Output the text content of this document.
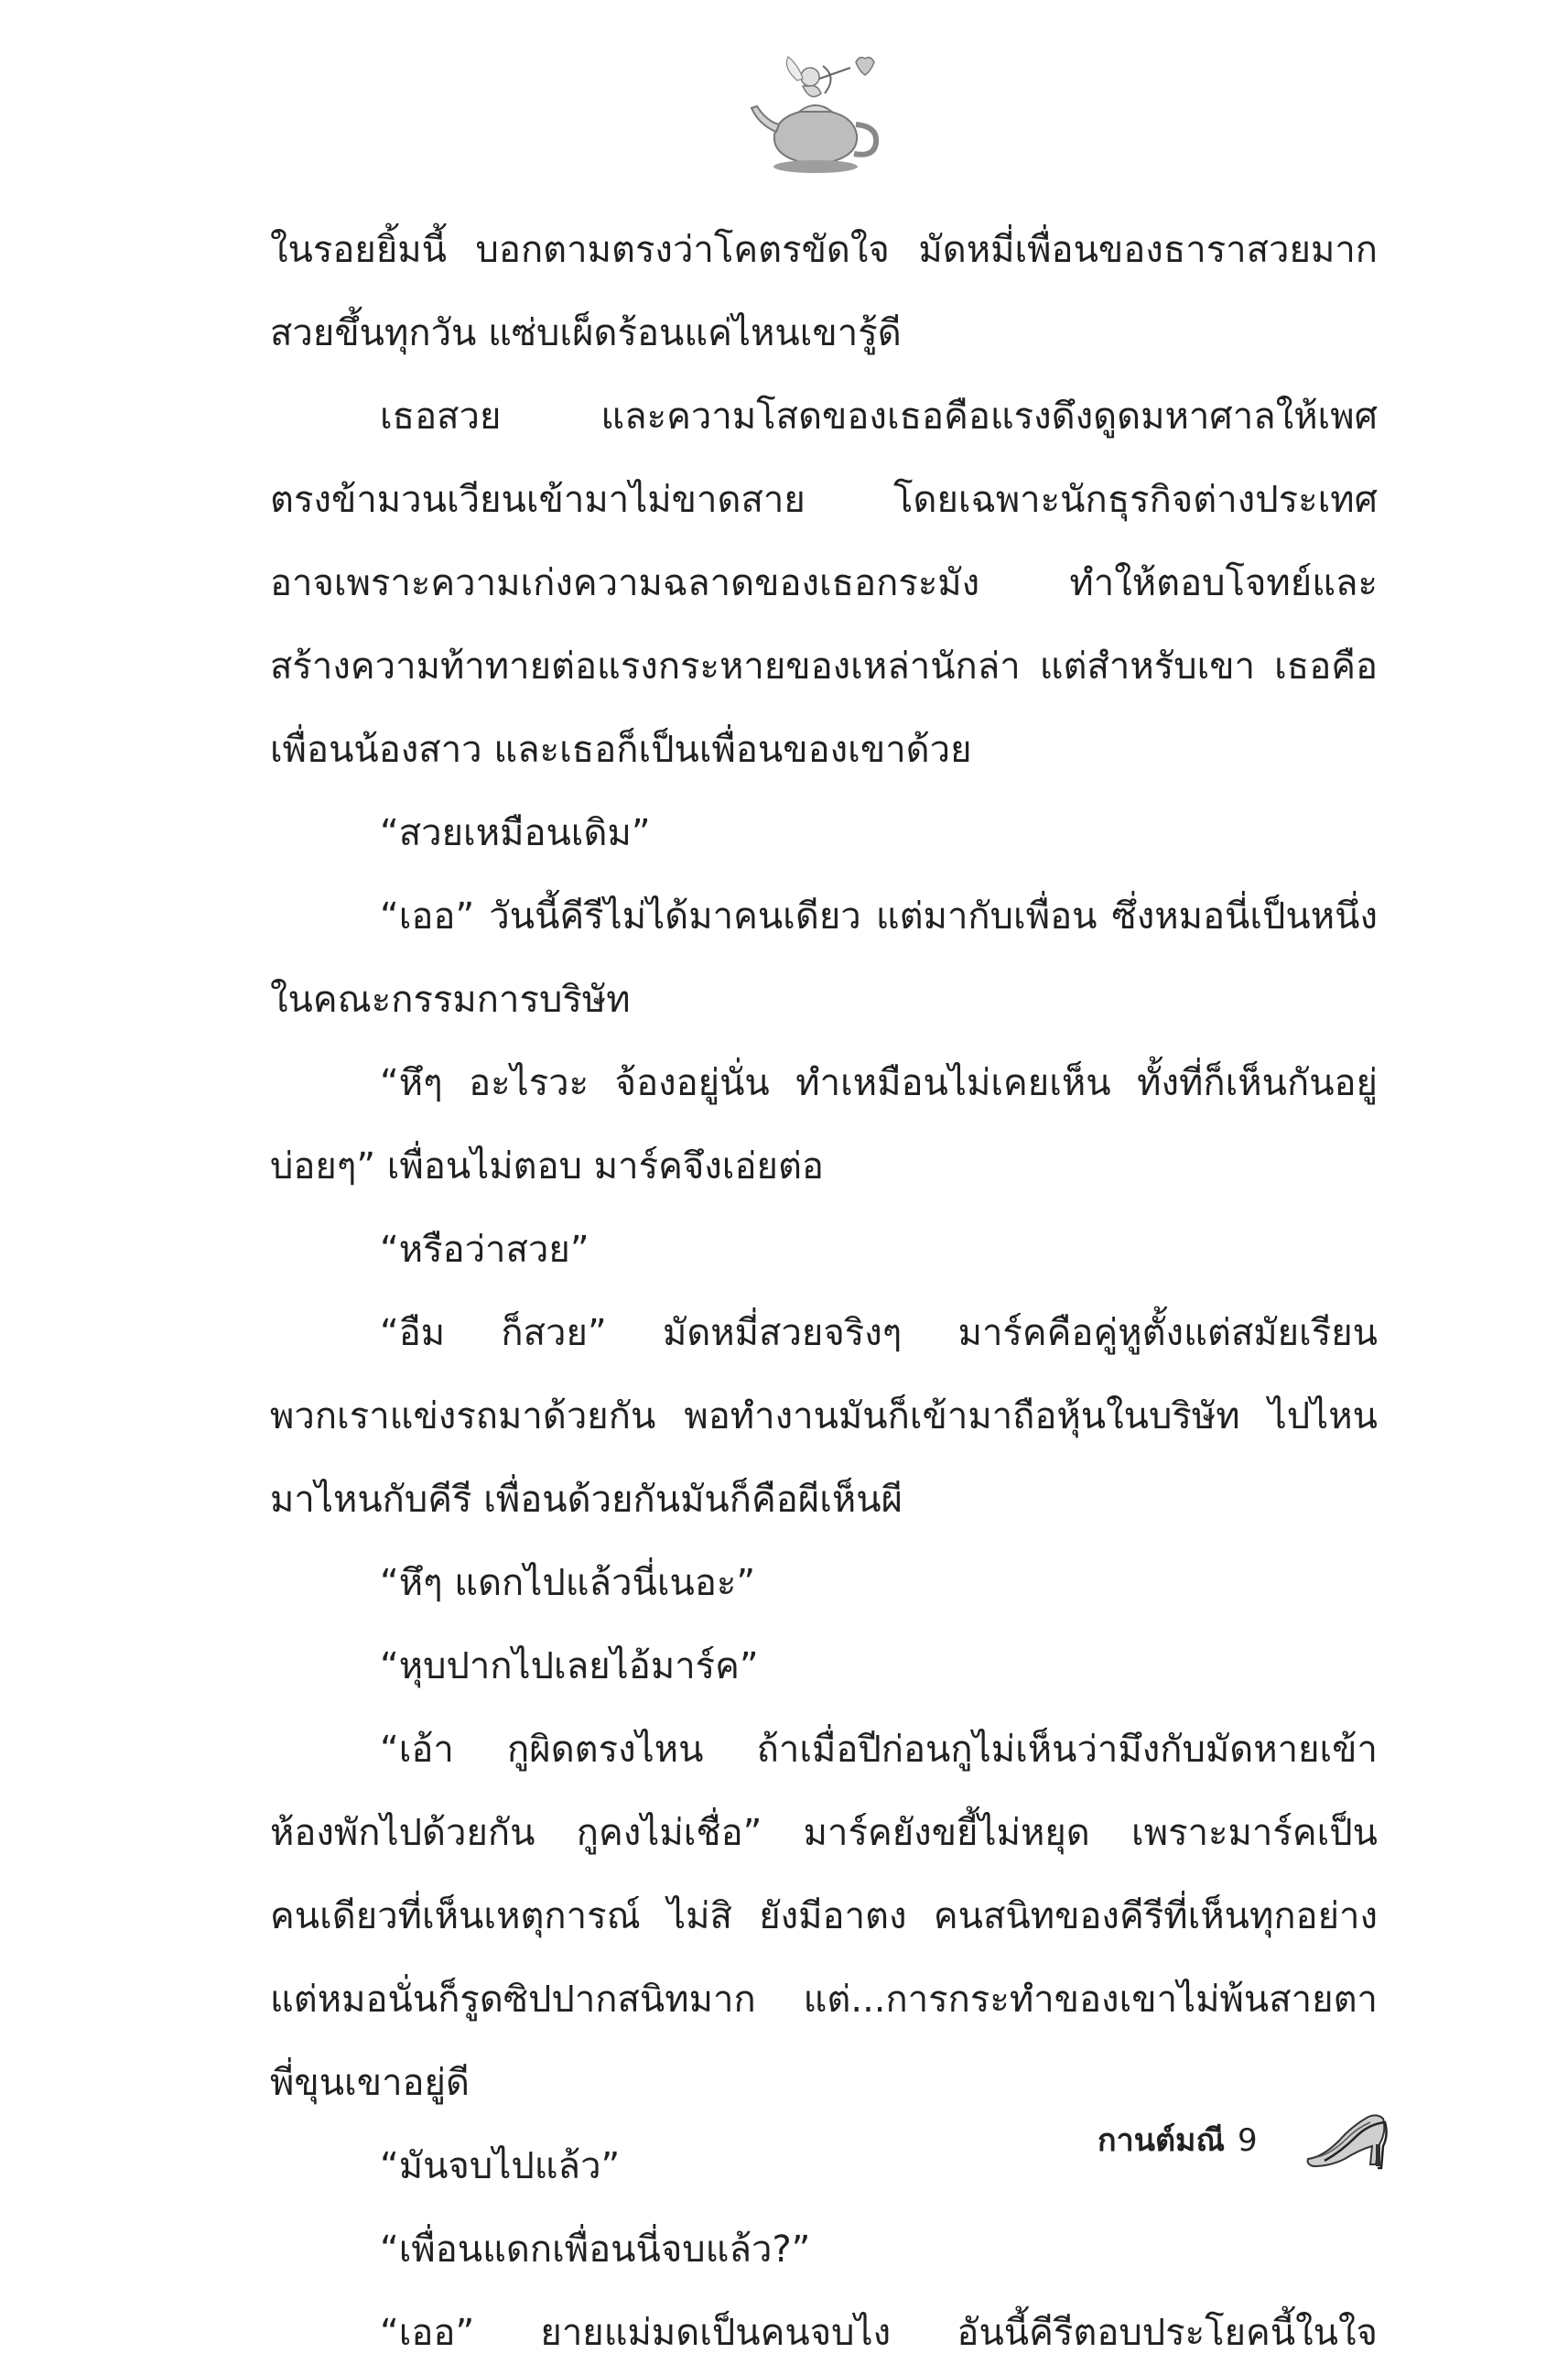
ในรอยยิ้มนี้ บอกตามตรงว่าโคตรขัดใจ มัดหมี่เพื่อนของธาราสวยมาก
สวยขึ้นทุกวัน แซ่บเผ็ดร้อนแค่ไหนเขารู้ดี
เธอสวย และความโสดของเธอคือแรงดึงดูดมหาศาลให้เพศ
ตรงข้ามวนเวียนเข้ามาไม่ขาดสาย โดยเฉพาะนักธุรกิจต่างประเทศ
อาจเพราะความเก่งความฉลาดของเธอกระมัง ทำให้ตอบโจทย์และ
สร้างความท้าทายต่อแรงกระหายของเหล่านักล่า แต่สำหรับเขา เธอคือ
เพื่อนน้องสาว และเธอก็เป็นเพื่อนของเขาด้วย
“สวยเหมือนเดิม”
“เออ” วันนี้คีรีไม่ได้มาคนเดียว แต่มากับเพื่อน ซึ่งหมอนี่เป็นหนึ่ง
ในคณะกรรมการบริษัท
“หึๆ อะไรวะ จ้องอยู่นั่น ทำเหมือนไม่เคยเห็น ทั้งที่ก็เห็นกันอยู่
บ่อยๆ” เพื่อนไม่ตอบ มาร์คจึงเอ่ยต่อ
“หรือว่าสวย”
“อืม ก็สวย” มัดหมี่สวยจริงๆ มาร์คคือคู่หูตั้งแต่สมัยเรียน
พวกเราแข่งรถมาด้วยกัน พอทำงานมันก็เข้ามาถือหุ้นในบริษัท ไปไหน
มาไหนกับคีรี เพื่อนด้วยกันมันก็คือผีเห็นผี
“หึๆ แดกไปแล้วนี่เนอะ”
“หุบปากไปเลยไอ้มาร์ค”
“เอ้า กูผิดตรงไหน ถ้าเมื่อปีก่อนกูไม่เห็นว่ามึงกับมัดหายเข้า
ห้องพักไปด้วยกัน กูคงไม่เชื่อ” มาร์คยังขยี้ไม่หยุด เพราะมาร์คเป็น
คนเดียวที่เห็นเหตุการณ์ ไม่สิ ยังมีอาตง คนสนิทของคีรีที่เห็นทุกอย่าง
แต่หมอนั่นก็รูดซิปปากสนิทมาก แต่...การกระทำของเขาไม่พ้นสายตา
พี่ขุนเขาอยู่ดี
“มันจบไปแล้ว”
“เพื่อนแดกเพื่อนนี่จบแล้ว?”
“เออ” ยายแม่มดเป็นคนจบไง อันนี้คีรีตอบประโยคนี้ในใจ
กานต์มณี 9
